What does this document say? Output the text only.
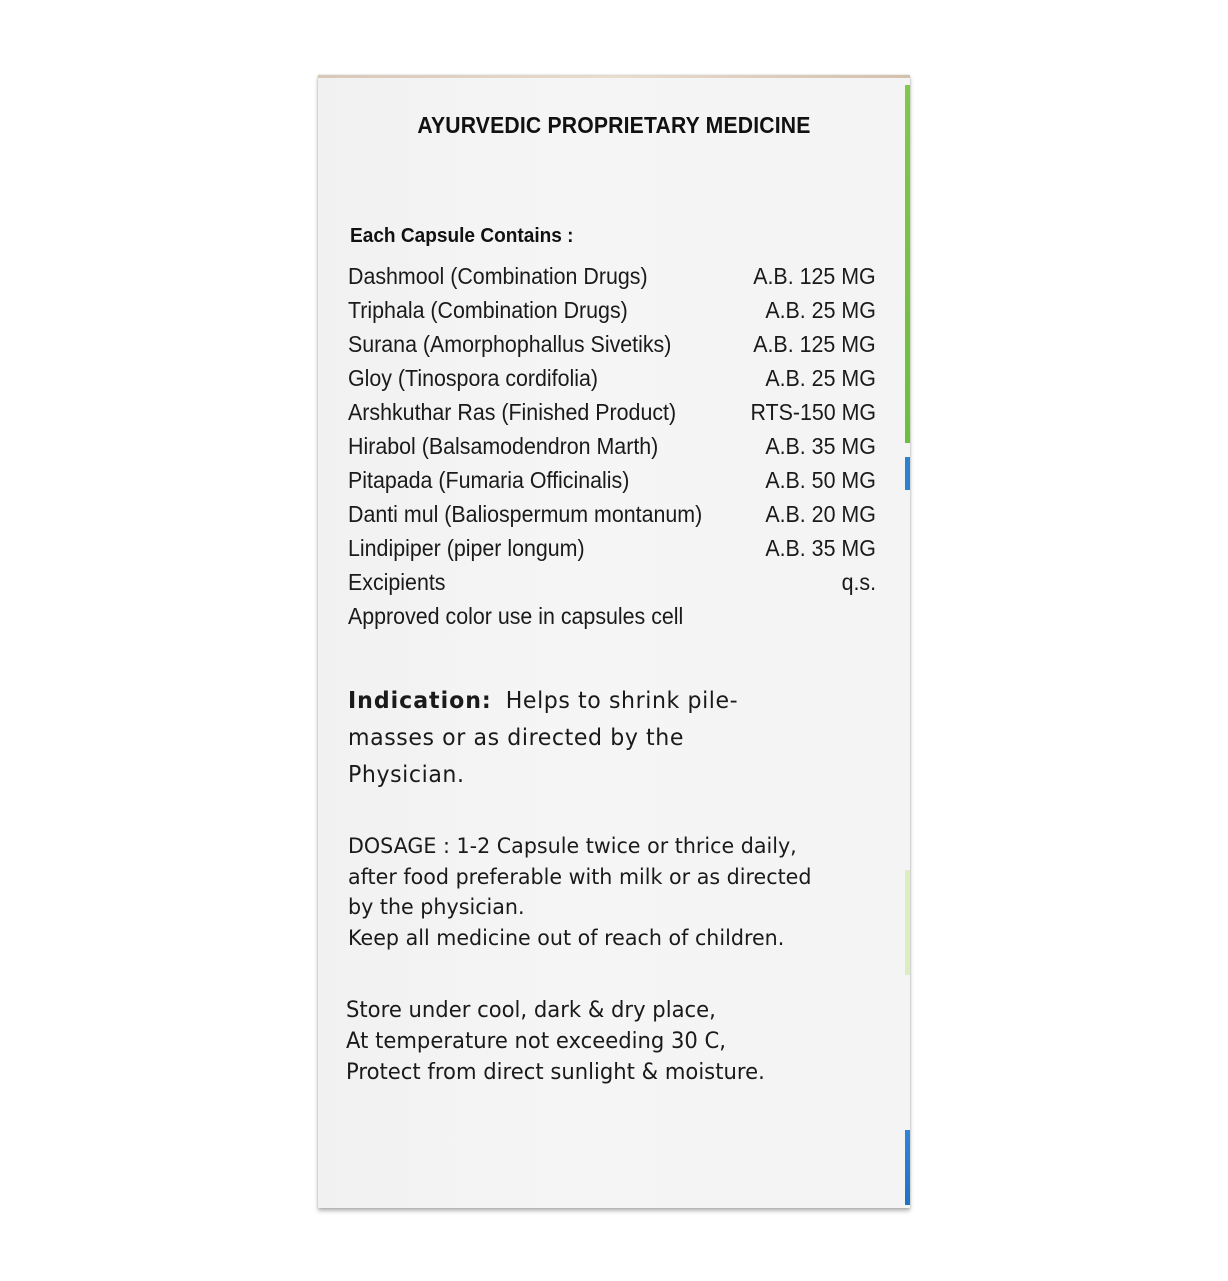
AYURVEDIC PROPRIETARY MEDICINE
Each Capsule Contains :
Dashmool (Combination Drugs)	A.B. 125 MG
Triphala (Combination Drugs)	A.B. 25 MG
Surana (Amorphophallus Sivetiks)	A.B. 125 MG
Gloy (Tinospora cordifolia)	A.B. 25 MG
Arshkuthar Ras (Finished Product)	RTS-150 MG
Hirabol (Balsamodendron Marth)	A.B. 35 MG
Pitapada (Fumaria Officinalis)	A.B. 50 MG
Danti mul (Baliospermum montanum)	A.B. 20 MG
Lindipiper (piper longum)	A.B. 35 MG
Excipients	q.s.
Approved color use in capsules cell
Indication: Helps to shrink pile-masses or as directed by the Physician.
DOSAGE : 1-2 Capsule twice or thrice daily,
after food preferable with milk or as directed
by the physician.
Keep all medicine out of reach of children.
Store under cool, dark & dry place,
At temperature not exceeding 30 C,
Protect from direct sunlight & moisture.
